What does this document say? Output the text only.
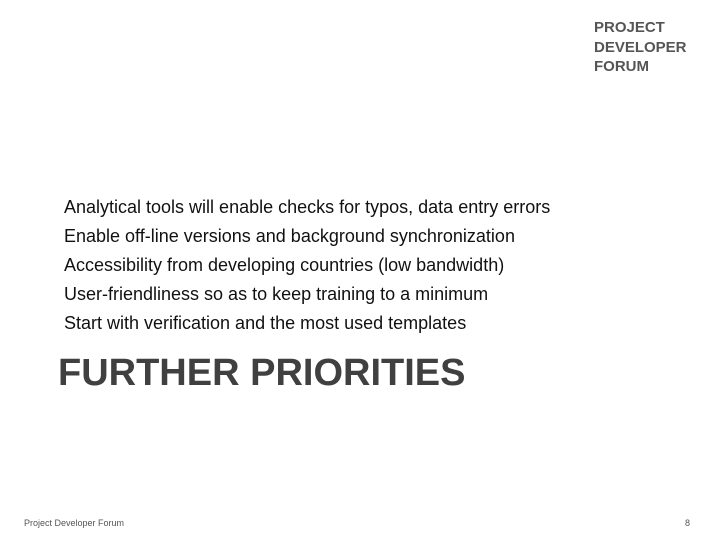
PROJECT
DEVELOPER
FORUM
Analytical tools will enable checks for typos, data entry errors
Enable off-line versions and background synchronization
Accessibility from developing countries (low bandwidth)
User-friendliness so as to keep training to a minimum
Start with verification and the most used templates
FURTHER PRIORITIES
Project Developer Forum	8
